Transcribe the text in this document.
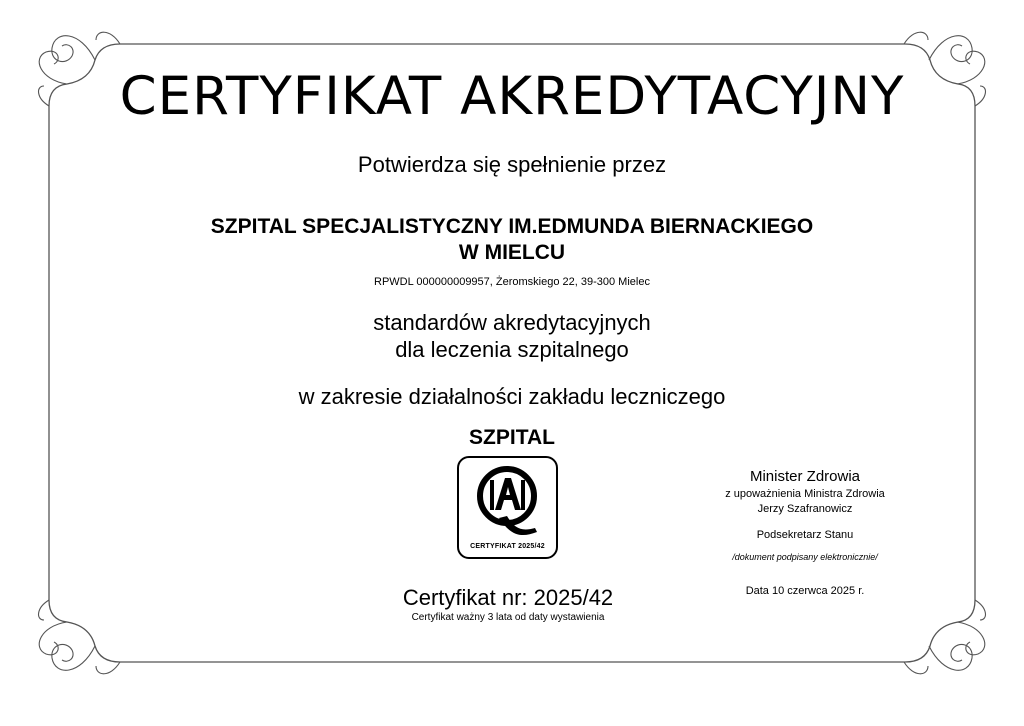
CERTYFIKAT AKREDYTACYJNY
Potwierdza się spełnienie przez
SZPITAL SPECJALISTYCZNY IM.EDMUNDA BIERNACKIEGO
W MIELCU
RPWDL 000000009957, Żeromskiego 22, 39-300 Mielec
standardów akredytacyjnych
dla leczenia szpitalnego
w zakresie działalności zakładu leczniczego
SZPITAL
CERTYFIKAT 2025/42
Certyfikat nr: 2025/42
Certyfikat ważny 3 lata od daty wystawienia
Minister Zdrowia
z upoważnienia Ministra Zdrowia
Jerzy Szafranowicz
Podsekretarz Stanu
/dokument podpisany elektronicznie/
Data 10 czerwca 2025 r.
